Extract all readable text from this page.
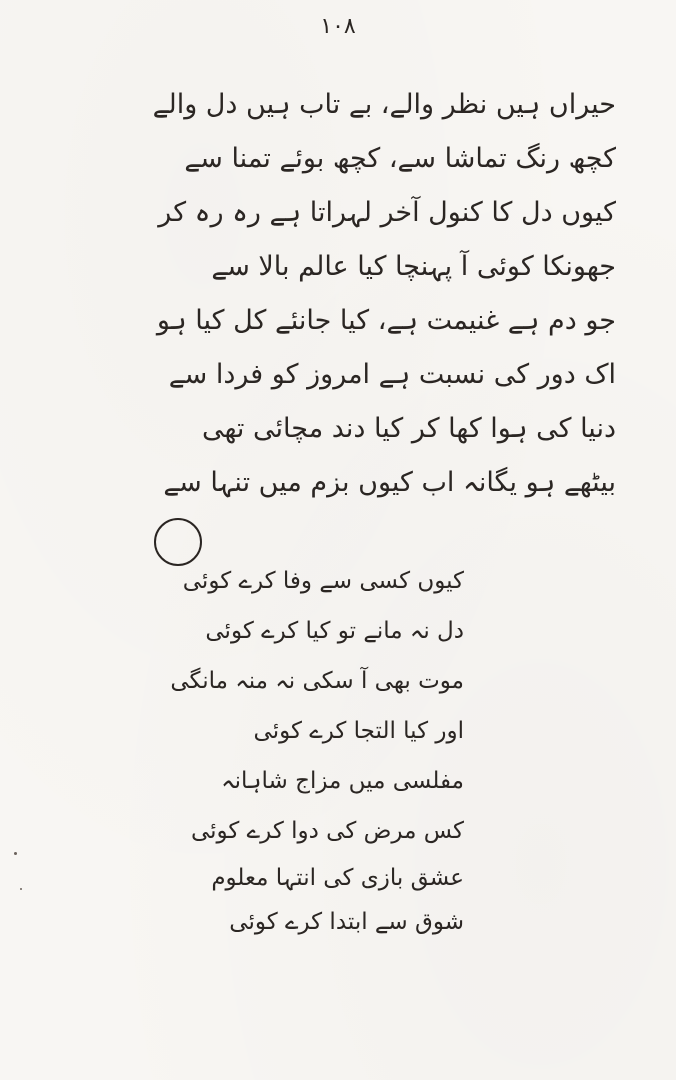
۱۰۸
حیراں ہیں نظر والے، بے تاب ہیں دل والے
کچھ رنگ تماشا سے، کچھ بوئے تمنا سے
کیوں دل کا کنول آخر لہراتا ہے رہ رہ کر
جھونکا کوئی آ پہنچا کیا عالم بالا سے
جو دم ہے غنیمت ہے، کیا جانئے کل کیا ہو
اک دور کی نسبت ہے امروز کو فردا سے
دنیا کی ہوا کھا کر کیا دند مچائی تھی
بیٹھے ہو یگانہ اب کیوں بزم میں تنہا سے
کیوں کسی سے وفا کرے کوئی
دل نہ مانے تو کیا کرے کوئی
موت بھی آ سکی نہ منہ مانگی
اور کیا التجا کرے کوئی
مفلسی میں مزاج شاہانہ
کس مرض کی دوا کرے کوئی
عشق بازی کی انتہا معلوم
شوق سے ابتدا کرے کوئی
